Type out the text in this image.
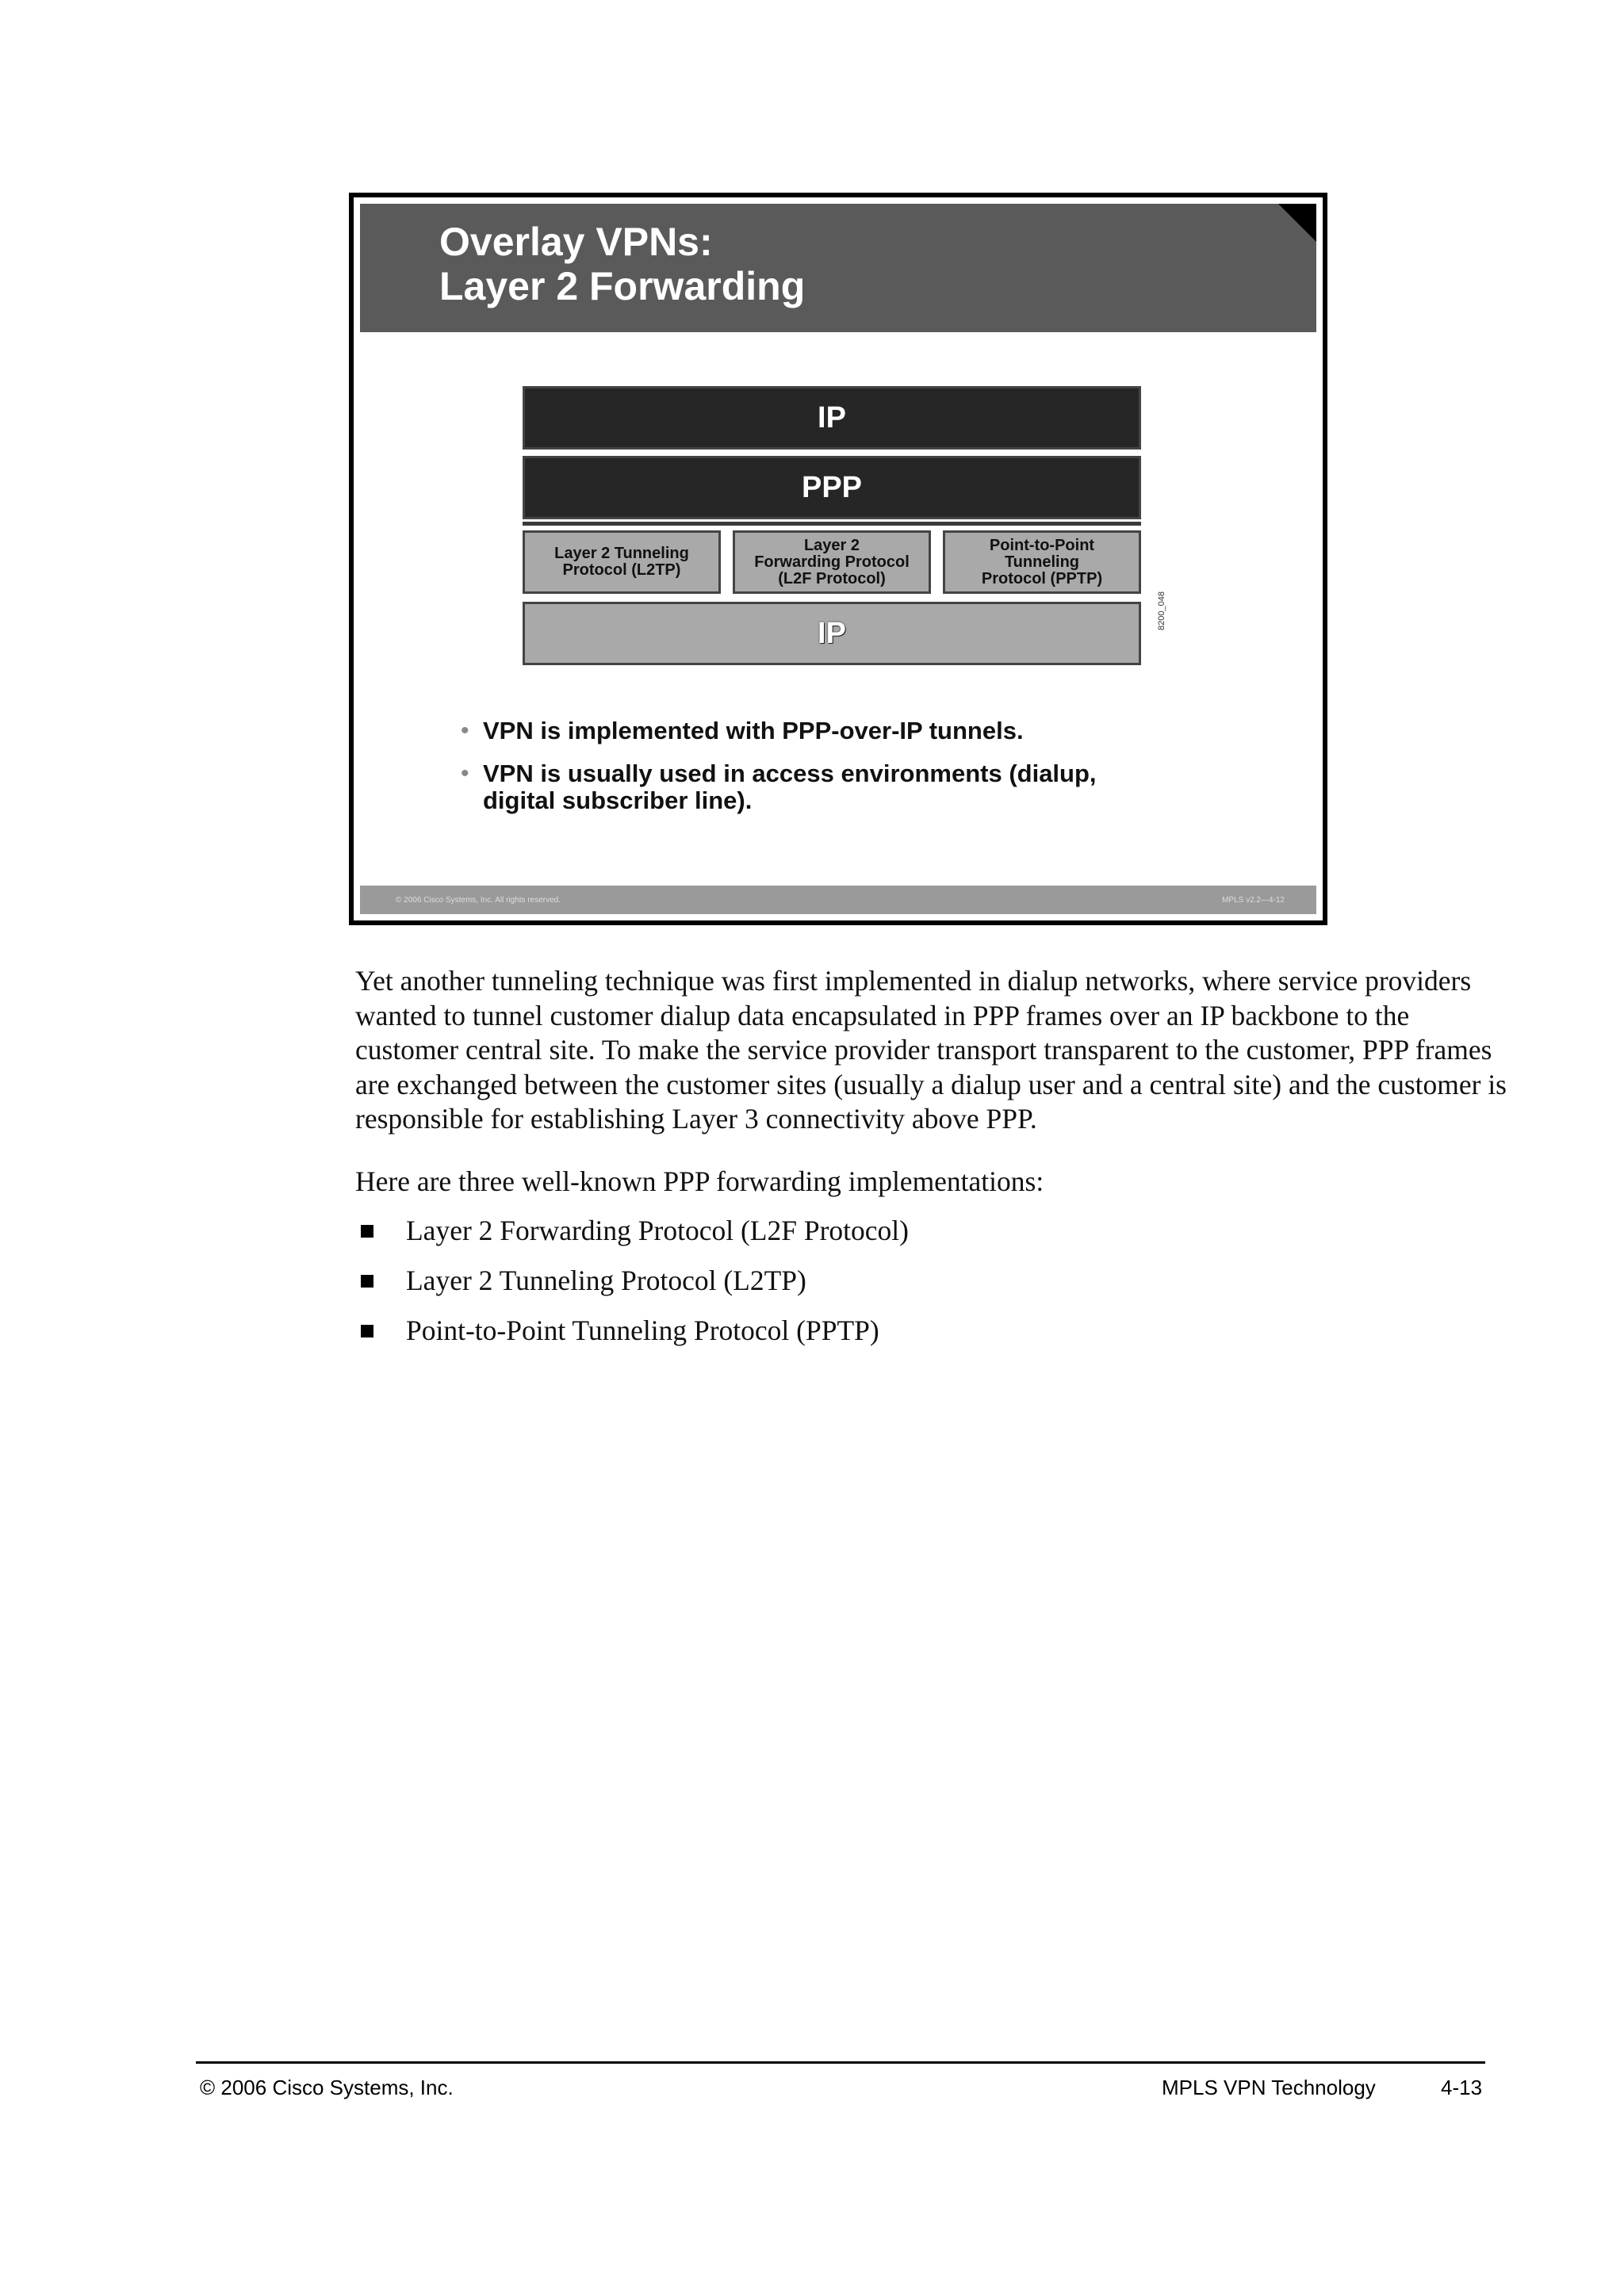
Overlay VPNs:
Layer 2 Forwarding
IP
PPP
Layer 2 Tunneling
Protocol (L2TP)
Layer 2
Forwarding Protocol
(L2F Protocol)
Point-to-Point
Tunneling
Protocol (PPTP)
IP
8200_048
• VPN is implemented with PPP-over-IP tunnels.
• VPN is usually used in access environments (dialup, digital subscriber line).
© 2006 Cisco Systems, Inc. All rights reserved.	MPLS v2.2—4-12
Yet another tunneling technique was first implemented in dialup networks, where service providers wanted to tunnel customer dialup data encapsulated in PPP frames over an IP backbone to the customer central site. To make the service provider transport transparent to the customer, PPP frames are exchanged between the customer sites (usually a dialup user and a central site) and the customer is responsible for establishing Layer 3 connectivity above PPP.
Here are three well-known PPP forwarding implementations:
Layer 2 Forwarding Protocol (L2F Protocol)
Layer 2 Tunneling Protocol (L2TP)
Point-to-Point Tunneling Protocol (PPTP)
© 2006 Cisco Systems, Inc.	MPLS VPN Technology	4-13
